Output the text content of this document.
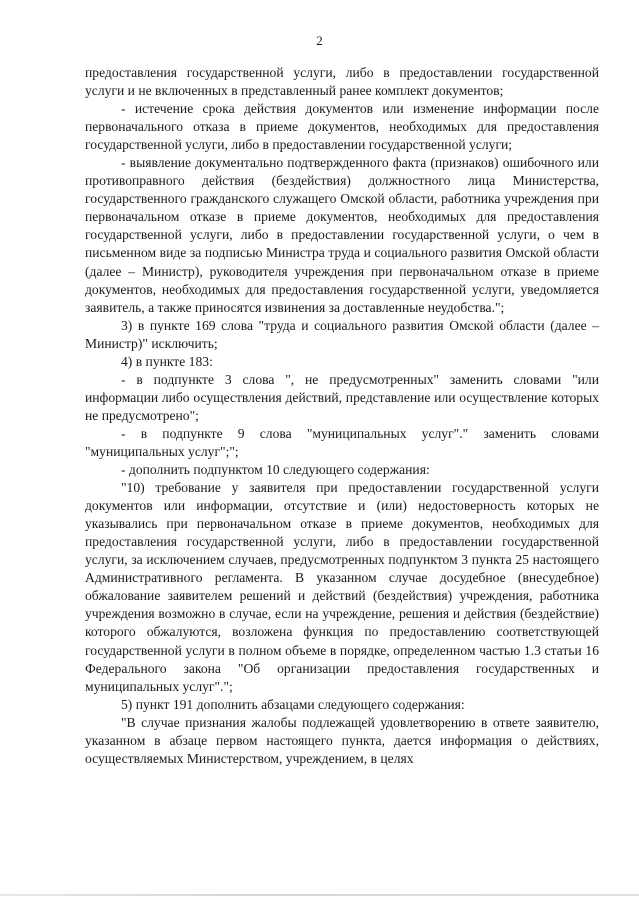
2

предоставления государственной услуги, либо в предоставлении государственной услуги и не включенных в представленный ранее комплект документов;

- истечение срока действия документов или изменение информации после первоначального отказа в приеме документов, необходимых для предоставления государственной услуги, либо в предоставлении государственной услуги;

- выявление документально подтвержденного факта (признаков) ошибочного или противоправного действия (бездействия) должностного лица Министерства, государственного гражданского служащего Омской области, работника учреждения при первоначальном отказе в приеме документов, необходимых для предоставления государственной услуги, либо в предоставлении государственной услуги, о чем в письменном виде за подписью Министра труда и социального развития Омской области (далее – Министр), руководителя учреждения при первоначальном отказе в приеме документов, необходимых для предоставления государственной услуги, уведомляется заявитель, а также приносятся извинения за доставленные неудобства.";

3) в пункте 169 слова "труда и социального развития Омской области (далее – Министр)" исключить;

4) в пункте 183:

- в подпункте 3 слова ", не предусмотренных" заменить словами "или информации либо осуществления действий, представление или осуществление которых не предусмотрено";

- в подпункте 9 слова "муниципальных услуг"." заменить словами "муниципальных услуг";";

- дополнить подпунктом 10 следующего содержания:

"10) требование у заявителя при предоставлении государственной услуги документов или информации, отсутствие и (или) недостоверность которых не указывались при первоначальном отказе в приеме документов, необходимых для предоставления государственной услуги, либо в предоставлении государственной услуги, за исключением случаев, предусмотренных подпунктом 3 пункта 25 настоящего Административного регламента. В указанном случае досудебное (внесудебное) обжалование заявителем решений и действий (бездействия) учреждения, работника учреждения возможно в случае, если на учреждение, решения и действия (бездействие) которого обжалуются, возложена функция по предоставлению соответствующей государственной услуги в полном объеме в порядке, определенном частью 1.3 статьи 16 Федерального закона "Об организации предоставления государственных и муниципальных услуг".";

5) пункт 191 дополнить абзацами следующего содержания:

"В случае признания жалобы подлежащей удовлетворению в ответе заявителю, указанном в абзаце первом настоящего пункта, дается информация о действиях, осуществляемых Министерством, учреждением, в целях
